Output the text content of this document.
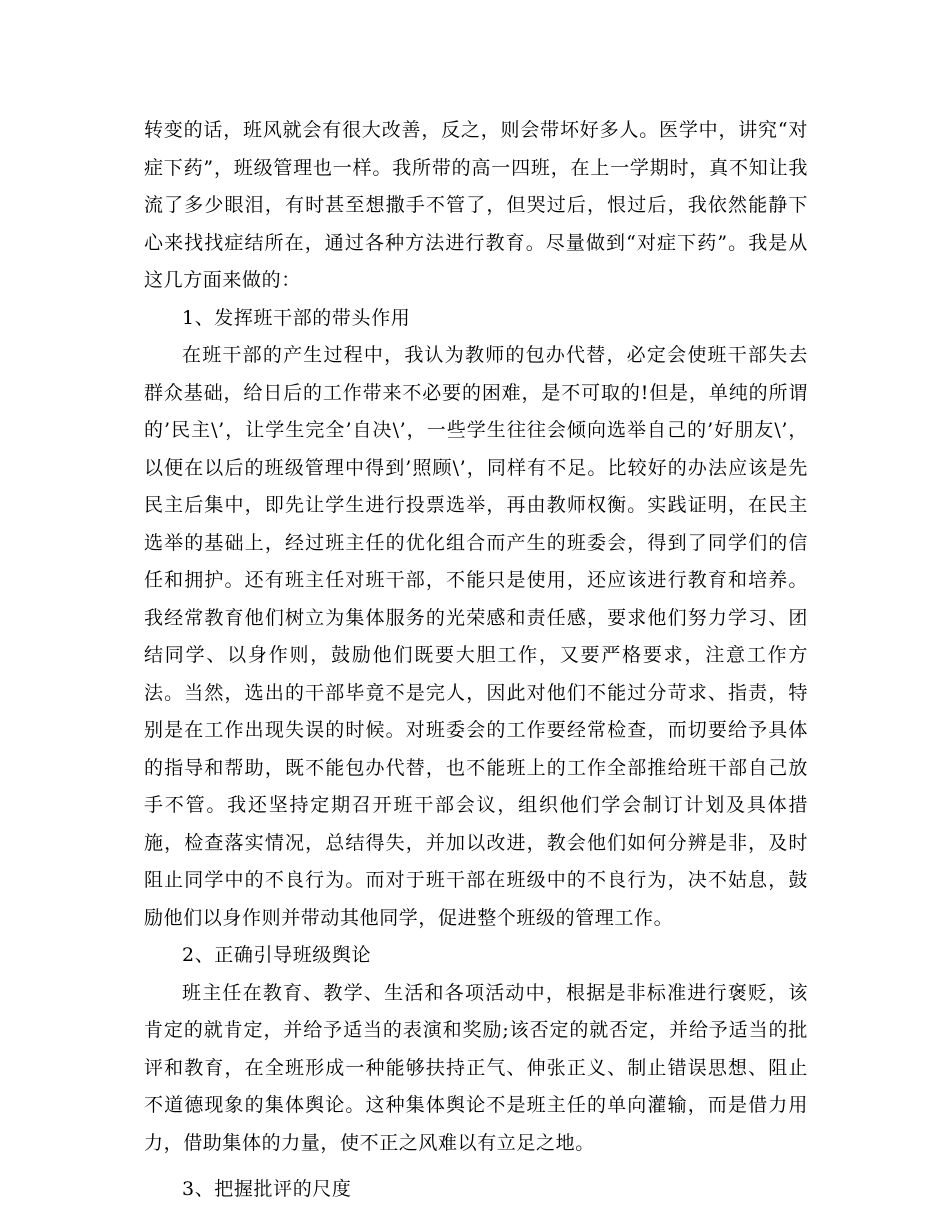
转变的话，班风就会有很大改善，反之，则会带坏好多人。医学中，讲究“对症下药”，班级管理也一样。我所带的高一四班，在上一学期时，真不知让我流了多少眼泪，有时甚至想撒手不管了，但哭过后，恨过后，我依然能静下心来找找症结所在，通过各种方法进行教育。尽量做到“对症下药”。我是从这几方面来做的：

1、发挥班干部的带头作用

在班干部的产生过程中，我认为教师的包办代替，必定会使班干部失去群众基础，给日后的工作带来不必要的困难，是不可取的!但是，单纯的所谓的’民主\’，让学生完全’自决\’，一些学生往往会倾向选举自己的’好朋友\’，以便在以后的班级管理中得到’照顾\’，同样有不足。比较好的办法应该是先民主后集中，即先让学生进行投票选举，再由教师权衡。实践证明，在民主选举的基础上，经过班主任的优化组合而产生的班委会，得到了同学们的信任和拥护。还有班主任对班干部，不能只是使用，还应该进行教育和培养。我经常教育他们树立为集体服务的光荣感和责任感，要求他们努力学习、团结同学、以身作则，鼓励他们既要大胆工作，又要严格要求，注意工作方法。当然，选出的干部毕竟不是完人，因此对他们不能过分苛求、指责，特别是在工作出现失误的时候。对班委会的工作要经常检查，而切要给予具体的指导和帮助，既不能包办代替，也不能班上的工作全部推给班干部自己放手不管。我还坚持定期召开班干部会议，组织他们学会制订计划及具体措施，检查落实情况，总结得失，并加以改进，教会他们如何分辨是非，及时阻止同学中的不良行为。而对于班干部在班级中的不良行为，决不姑息，鼓励他们以身作则并带动其他同学，促进整个班级的管理工作。

2、正确引导班级舆论

班主任在教育、教学、生活和各项活动中，根据是非标准进行褒贬，该肯定的就肯定，并给予适当的表演和奖励;该否定的就否定，并给予适当的批评和教育，在全班形成一种能够扶持正气、伸张正义、制止错误思想、阻止不道德现象的集体舆论。这种集体舆论不是班主任的单向灌输，而是借力用力，借助集体的力量，使不正之风难以有立足之地。

3、把握批评的尺度
